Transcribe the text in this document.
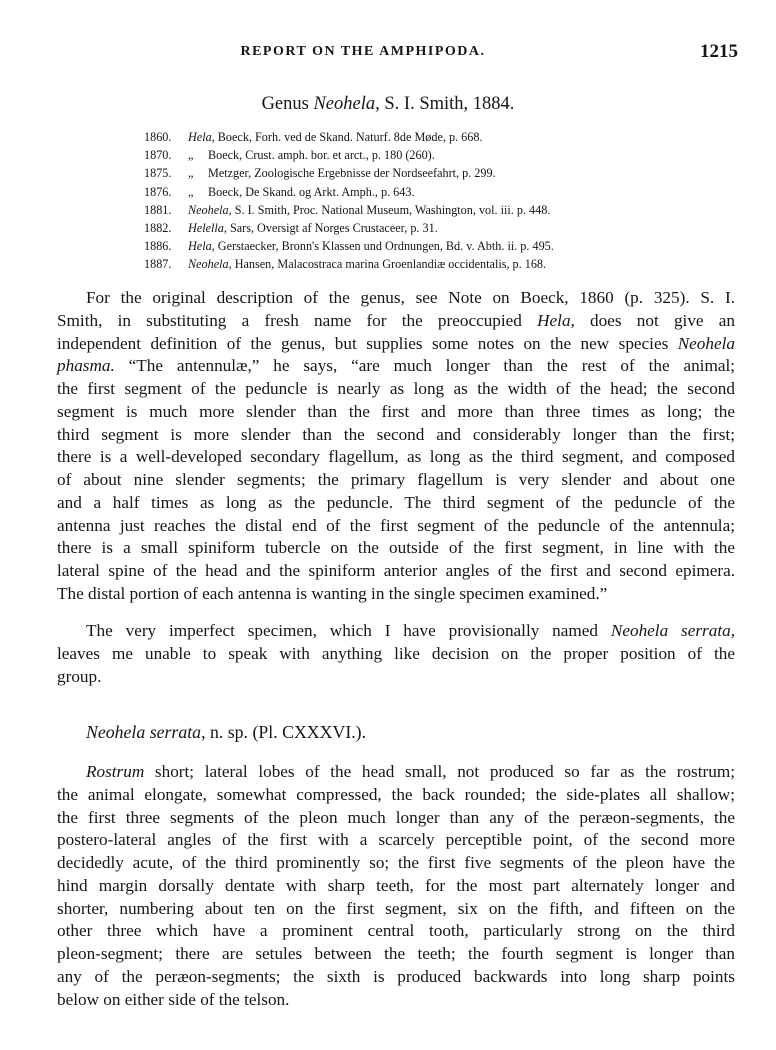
REPORT ON THE AMPHIPODA.	1215
Genus Neohela, S. I. Smith, 1884.
1860.	Hela, Boeck, Forh. ved de Skand. Naturf. 8de Møde, p. 668.
1870.	„	Boeck, Crust. amph. bor. et arct., p. 180 (260).
1875.	„	Metzger, Zoologische Ergebnisse der Nordseefahrt, p. 299.
1876.	„	Boeck, De Skand. og Arkt. Amph., p. 643.
1881.	Neohela, S. I. Smith, Proc. National Museum, Washington, vol. iii. p. 448.
1882.	Helella, Sars, Oversigt af Norges Crustaceer, p. 31.
1886.	Hela, Gerstaecker, Bronn's Klassen und Ordnungen, Bd. v. Abth. ii. p. 495.
1887.	Neohela, Hansen, Malacostraca marina Groenlandiæ occidentalis, p. 168.

For the original description of the genus, see Note on Boeck, 1860 (p. 325). S. I.
Smith, in substituting a fresh name for the preoccupied Hela, does not give an
independent definition of the genus, but supplies some notes on the new species Neohela
phasma. “The antennulæ,” he says, “are much longer than the rest of the animal;
the first segment of the peduncle is nearly as long as the width of the head; the second
segment is much more slender than the first and more than three times as long; the
third segment is more slender than the second and considerably longer than the first;
there is a well-developed secondary flagellum, as long as the third segment, and composed
of about nine slender segments; the primary flagellum is very slender and about one
and a half times as long as the peduncle. The third segment of the peduncle of the
antenna just reaches the distal end of the first segment of the peduncle of the antennula;
there is a small spiniform tubercle on the outside of the first segment, in line with the
lateral spine of the head and the spiniform anterior angles of the first and second epimera.
The distal portion of each antenna is wanting in the single specimen examined.”

The very imperfect specimen, which I have provisionally named Neohela serrata,
leaves me unable to speak with anything like decision on the proper position of the
group.

Neohela serrata, n. sp. (Pl. CXXXVI.).

Rostrum short; lateral lobes of the head small, not produced so far as the rostrum;
the animal elongate, somewhat compressed, the back rounded; the side-plates all shallow;
the first three segments of the pleon much longer than any of the peræon-segments, the
postero-lateral angles of the first with a scarcely perceptible point, of the second more
decidedly acute, of the third prominently so; the first five segments of the pleon have the
hind margin dorsally dentate with sharp teeth, for the most part alternately longer and
shorter, numbering about ten on the first segment, six on the fifth, and fifteen on the
other three which have a prominent central tooth, particularly strong on the third
pleon-segment; there are setules between the teeth; the fourth segment is longer than
any of the peræon-segments; the sixth is produced backwards into long sharp points
below on either side of the telson.
